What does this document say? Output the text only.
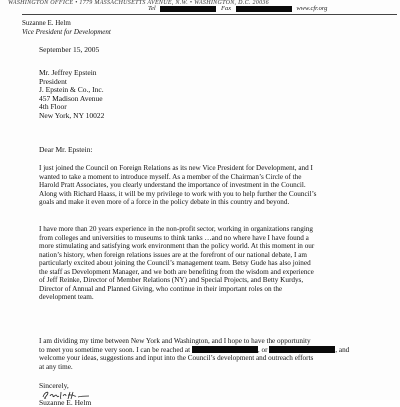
WASHINGTON OFFICE • 1779 MASSACHUSETTS AVENUE, N.W. • WASHINGTON, D.C. 20036
Tel	Fax	www.cfr.org
Suzanne E. Helm
Vice President for Development
September 15, 2005
Mr. Jeffrey Epstein
President
J. Epstein & Co., Inc.
457 Madison Avenue
4th Floor
New York, NY 10022
Dear Mr. Epstein:
I just joined the Council on Foreign Relations as its new Vice President for Development, and I
wanted to take a moment to introduce myself. As a member of the Chairman’s Circle of the
Harold Pratt Associates, you clearly understand the importance of investment in the Council.
Along with Richard Haass, it will be my privilege to work with you to help further the Council’s
goals and make it even more of a force in the policy debate in this country and beyond.
I have more than 20 years experience in the non-profit sector, working in organizations ranging
from colleges and universities to museums to think tanks …and no where have I have found a
more stimulating and satisfying work environment than the policy world. At this moment in our
nation’s history, when foreign relations issues are at the forefront of our national debate, I am
particularly excited about joining the Council’s management team. Betsy Gude has also joined
the staff as Development Manager, and we both are benefiting from the wisdom and experience
of Jeff Reinke, Director of Member Relations (NY) and Special Projects, and Betty Kurdys,
Director of Annual and Planned Giving, who continue in their important roles on the
development team.
I am dividing my time between New York and Washington, and I hope to have the opportunity
to meet you sometime very soon. I can be reached at	, or	, and
welcome your ideas, suggestions and input into the Council’s development and outreach efforts
at any time.
Sincerely,
Suzanne E. Helm
